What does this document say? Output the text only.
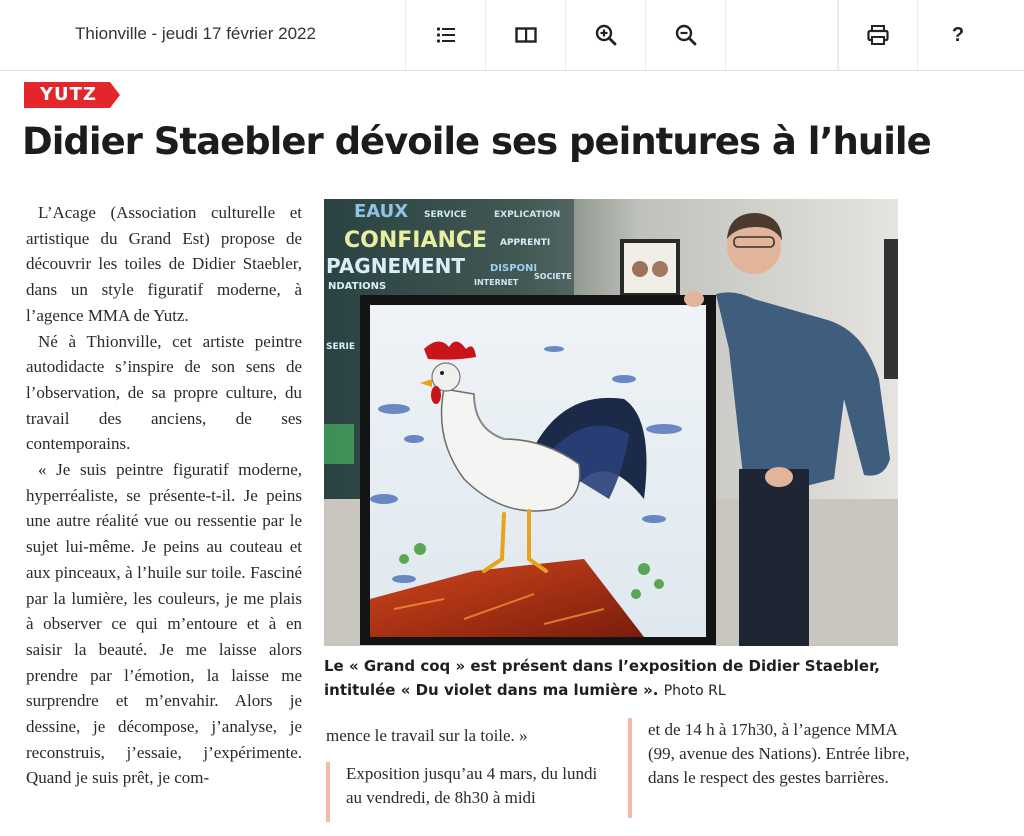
Thionville - jeudi 17 février 2022	?
YUTZ
Didier Staebler dévoile ses peintures à l’huile

L’Acage (Association culturelle et artistique du Grand Est) propose de découvrir les toiles de Didier Staebler, dans un style figuratif moderne, à l’agence MMA de Yutz.

Né à Thionville, cet artiste peintre autodidacte s’inspire de son sens de l’observation, de sa propre culture, du travail des anciens, de ses contemporains.

« Je suis peintre figuratif moderne, hyperréaliste, se présente-t-il. Je peins une autre réalité vue ou ressentie par le sujet lui-même. Je peins au couteau et aux pinceaux, à l’huile sur toile. Fasciné par la lumière, les couleurs, je me plais à observer ce qui m’entoure et à en saisir la beauté. Je me laisse alors prendre par l’émotion, la laisse me surprendre et m’envahir. Alors je dessine, je décompose, j’analyse, je reconstruis, j’essaie, j’expérimente. Quand je suis prêt, je com-

EAUX SERVICE	EXPLICATION
CONFIANCE APPRENTI
PAGNEMENT DISPONI
INTERNET
SOCIETE
NDATIONS
SERIE
Le « Grand coq » est présent dans l’exposition de Didier Staebler, intitulée « Du violet dans ma lumière ». Photo RL
mence le travail sur la toile. »
Exposition jusqu’au 4 mars, du lundi au vendredi, de 8h30 à midi
et de 14 h à 17h30, à l’agence MMA (99, avenue des Nations). Entrée libre, dans le respect des gestes barrières.
